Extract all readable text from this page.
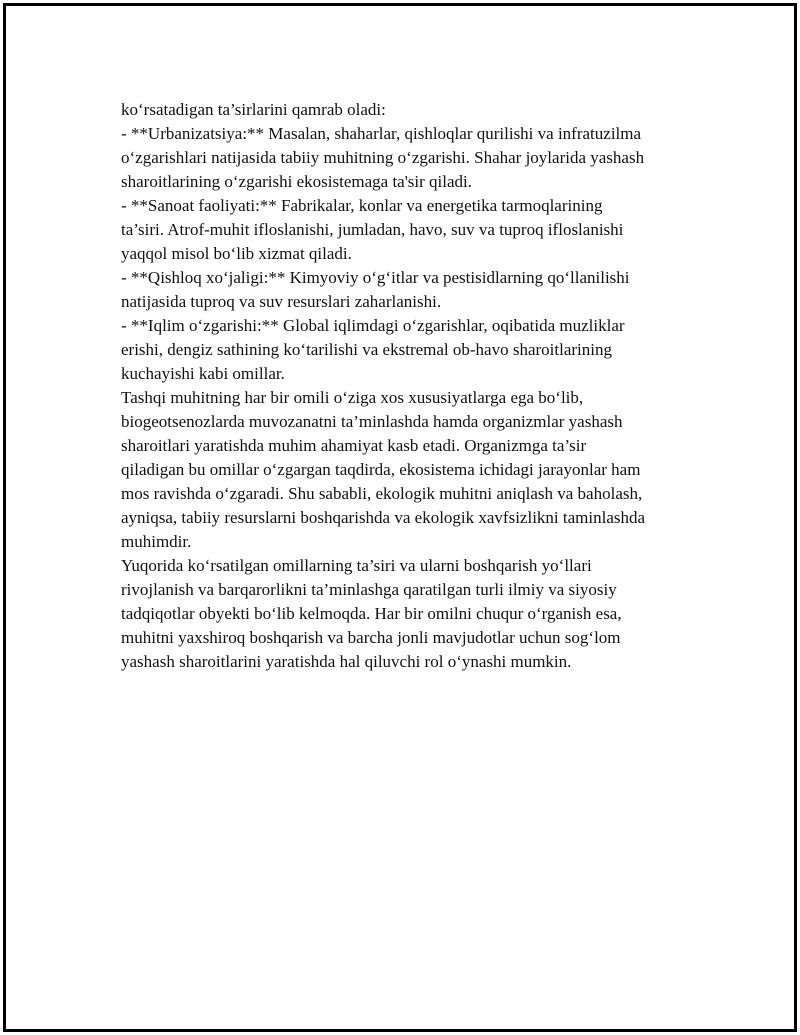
ko‘rsatadigan ta’sirlarini qamrab oladi:

- **Urbanizatsiya:** Masalan, shaharlar, qishloqlar qurilishi va infratuzilma
o‘zgarishlari natijasida tabiiy muhitning o‘zgarishi. Shahar joylarida yashash
sharoitlarining o‘zgarishi ekosistemaga ta'sir qiladi.
- **Sanoat faoliyati:** Fabrikalar, konlar va energetika tarmoqlarining
ta’siri. Atrof-muhit ifloslanishi, jumladan, havo, suv va tuproq ifloslanishi
yaqqol misol bo‘lib xizmat qiladi.
- **Qishloq xo‘jaligi:** Kimyoviy o‘g‘itlar va pestisidlarning qo‘llanilishi
natijasida tuproq va suv resurslari zaharlanishi.
- **Iqlim o‘zgarishi:** Global iqlimdagi o‘zgarishlar, oqibatida muzliklar
erishi, dengiz sathining ko‘tarilishi va ekstremal ob-havo sharoitlarining
kuchayishi kabi omillar.

Tashqi muhitning har bir omili o‘ziga xos xususiyatlarga ega bo‘lib,
biogeotsenozlarda muvozanatni ta’minlashda hamda organizmlar yashash
sharoitlari yaratishda muhim ahamiyat kasb etadi. Organizmga ta’sir
qiladigan bu omillar o‘zgargan taqdirda, ekosistema ichidagi jarayonlar ham
mos ravishda o‘zgaradi. Shu sababli, ekologik muhitni aniqlash va baholash,
ayniqsa, tabiiy resurslarni boshqarishda va ekologik xavfsizlikni taminlashda
muhimdir.

Yuqorida ko‘rsatilgan omillarning ta’siri va ularni boshqarish yo‘llari
rivojlanish va barqarorlikni ta’minlashga qaratilgan turli ilmiy va siyosiy
tadqiqotlar obyekti bo‘lib kelmoqda. Har bir omilni chuqur o‘rganish esa,
muhitni yaxshiroq boshqarish va barcha jonli mavjudotlar uchun sog‘lom
yashash sharoitlarini yaratishda hal qiluvchi rol o‘ynashi mumkin.
